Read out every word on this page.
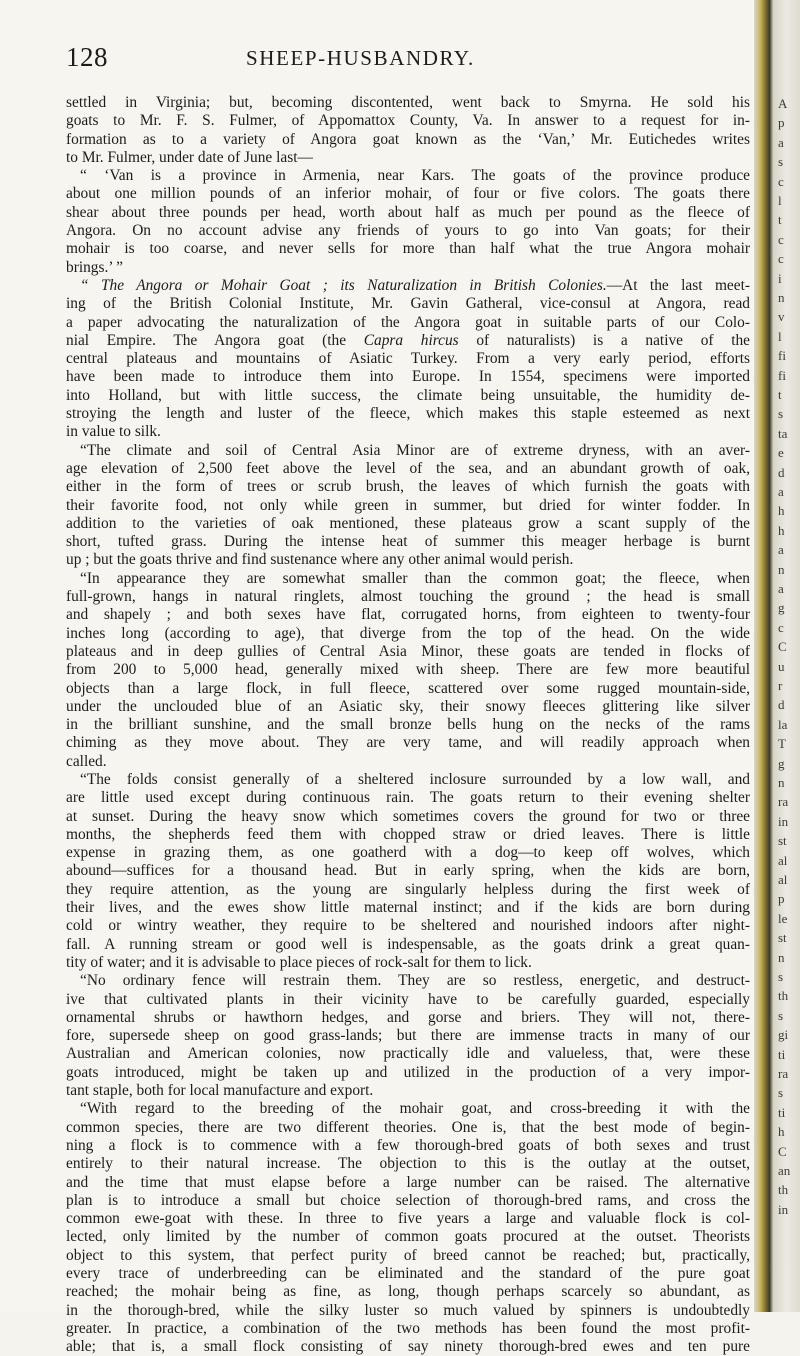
128	SHEEP-HUSBANDRY.

settled in Virginia; but, becoming discontented, went back to Smyrna. He sold his
goats to Mr. F. S. Fulmer, of Appomattox County, Va. In answer to a request for in-
formation as to a variety of Angora goat known as the ‘Van,’ Mr. Eutichedes writes
to Mr. Fulmer, under date of June last—
“ ‘Van is a province in Armenia, near Kars. The goats of the province produce
about one million pounds of an inferior mohair, of four or five colors. The goats there
shear about three pounds per head, worth about half as much per pound as the fleece of
Angora. On no account advise any friends of yours to go into Van goats; for their
mohair is too coarse, and never sells for more than half what the true Angora mohair
brings.’ ”

“ The Angora or Mohair Goat ; its Naturalization in British Colonies.—At the last meet-
ing of the British Colonial Institute, Mr. Gavin Gatheral, vice-consul at Angora, read
a paper advocating the naturalization of the Angora goat in suitable parts of our Colo-
nial Empire. The Angora goat (the Capra hircus of naturalists) is a native of the
central plateaus and mountains of Asiatic Turkey. From a very early period, efforts
have been made to introduce them into Europe. In 1554, specimens were imported
into Holland, but with little success, the climate being unsuitable, the humidity de-
stroying the length and luster of the fleece, which makes this staple esteemed as next
in value to silk.

“The climate and soil of Central Asia Minor are of extreme dryness, with an aver-
age elevation of 2,500 feet above the level of the sea, and an abundant growth of oak,
either in the form of trees or scrub brush, the leaves of which furnish the goats with
their favorite food, not only while green in summer, but dried for winter fodder. In
addition to the varieties of oak mentioned, these plateaus grow a scant supply of the
short, tufted grass. During the intense heat of summer this meager herbage is burnt
up ; but the goats thrive and find sustenance where any other animal would perish.

“In appearance they are somewhat smaller than the common goat; the fleece, when
full-grown, hangs in natural ringlets, almost touching the ground ; the head is small
and shapely ; and both sexes have flat, corrugated horns, from eighteen to twenty-four
inches long (according to age), that diverge from the top of the head. On the wide
plateaus and in deep gullies of Central Asia Minor, these goats are tended in flocks of
from 200 to 5,000 head, generally mixed with sheep. There are few more beautiful
objects than a large flock, in full fleece, scattered over some rugged mountain-side,
under the unclouded blue of an Asiatic sky, their snowy fleeces glittering like silver
in the brilliant sunshine, and the small bronze bells hung on the necks of the rams
chiming as they move about. They are very tame, and will readily approach when
called.

“The folds consist generally of a sheltered inclosure surrounded by a low wall, and
are little used except during continuous rain. The goats return to their evening shelter
at sunset. During the heavy snow which sometimes covers the ground for two or three
months, the shepherds feed them with chopped straw or dried leaves. There is little
expense in grazing them, as one goatherd with a dog—to keep off wolves, which
abound—suffices for a thousand head. But in early spring, when the kids are born,
they require attention, as the young are singularly helpless during the first week of
their lives, and the ewes show little maternal instinct; and if the kids are born during
cold or wintry weather, they require to be sheltered and nourished indoors after night-
fall. A running stream or good well is indespensable, as the goats drink a great quan-
tity of water; and it is advisable to place pieces of rock-salt for them to lick.

“No ordinary fence will restrain them. They are so restless, energetic, and destruct-
ive that cultivated plants in their vicinity have to be carefully guarded, especially
ornamental shrubs or hawthorn hedges, and gorse and briers. They will not, there-
fore, supersede sheep on good grass-lands; but there are immense tracts in many of our
Australian and American colonies, now practically idle and valueless, that, were these
goats introduced, might be taken up and utilized in the production of a very impor-
tant staple, both for local manufacture and export.

“With regard to the breeding of the mohair goat, and cross-breeding it with the
common species, there are two different theories. One is, that the best mode of begin-
ning a flock is to commence with a few thorough-bred goats of both sexes and trust
entirely to their natural increase. The objection to this is the outlay at the outset,
and the time that must elapse before a large number can be raised. The alternative
plan is to introduce a small but choice selection of thorough-bred rams, and cross the
common ewe-goat with these. In three to five years a large and valuable flock is col-
lected, only limited by the number of common goats procured at the outset. Theorists
object to this system, that perfect purity of breed cannot be reached; but, practically,
every trace of underbreeding can be eliminated and the standard of the pure goat
reached; the mohair being as fine, as long, though perhaps scarcely so abundant, as
in the thorough-bred, while the silky luster so much valued by spinners is undoubtedly
greater. In practice, a combination of the two methods has been found the most profit-
able; that is, a small flock consisting of say ninety thorough-bred ewes and ten pure

A
p
a
s
c
l
t
c
c
i
n
v
l
fi
fi
t
s
ta
e
d
a
h
h
a
n
a
g
c
C
u
r
d
la
T
g
n
ra
in
st
al
al
p
le
st
n
s
th
s
gi
ti
ra
s
ti
h
C
an
th
in
